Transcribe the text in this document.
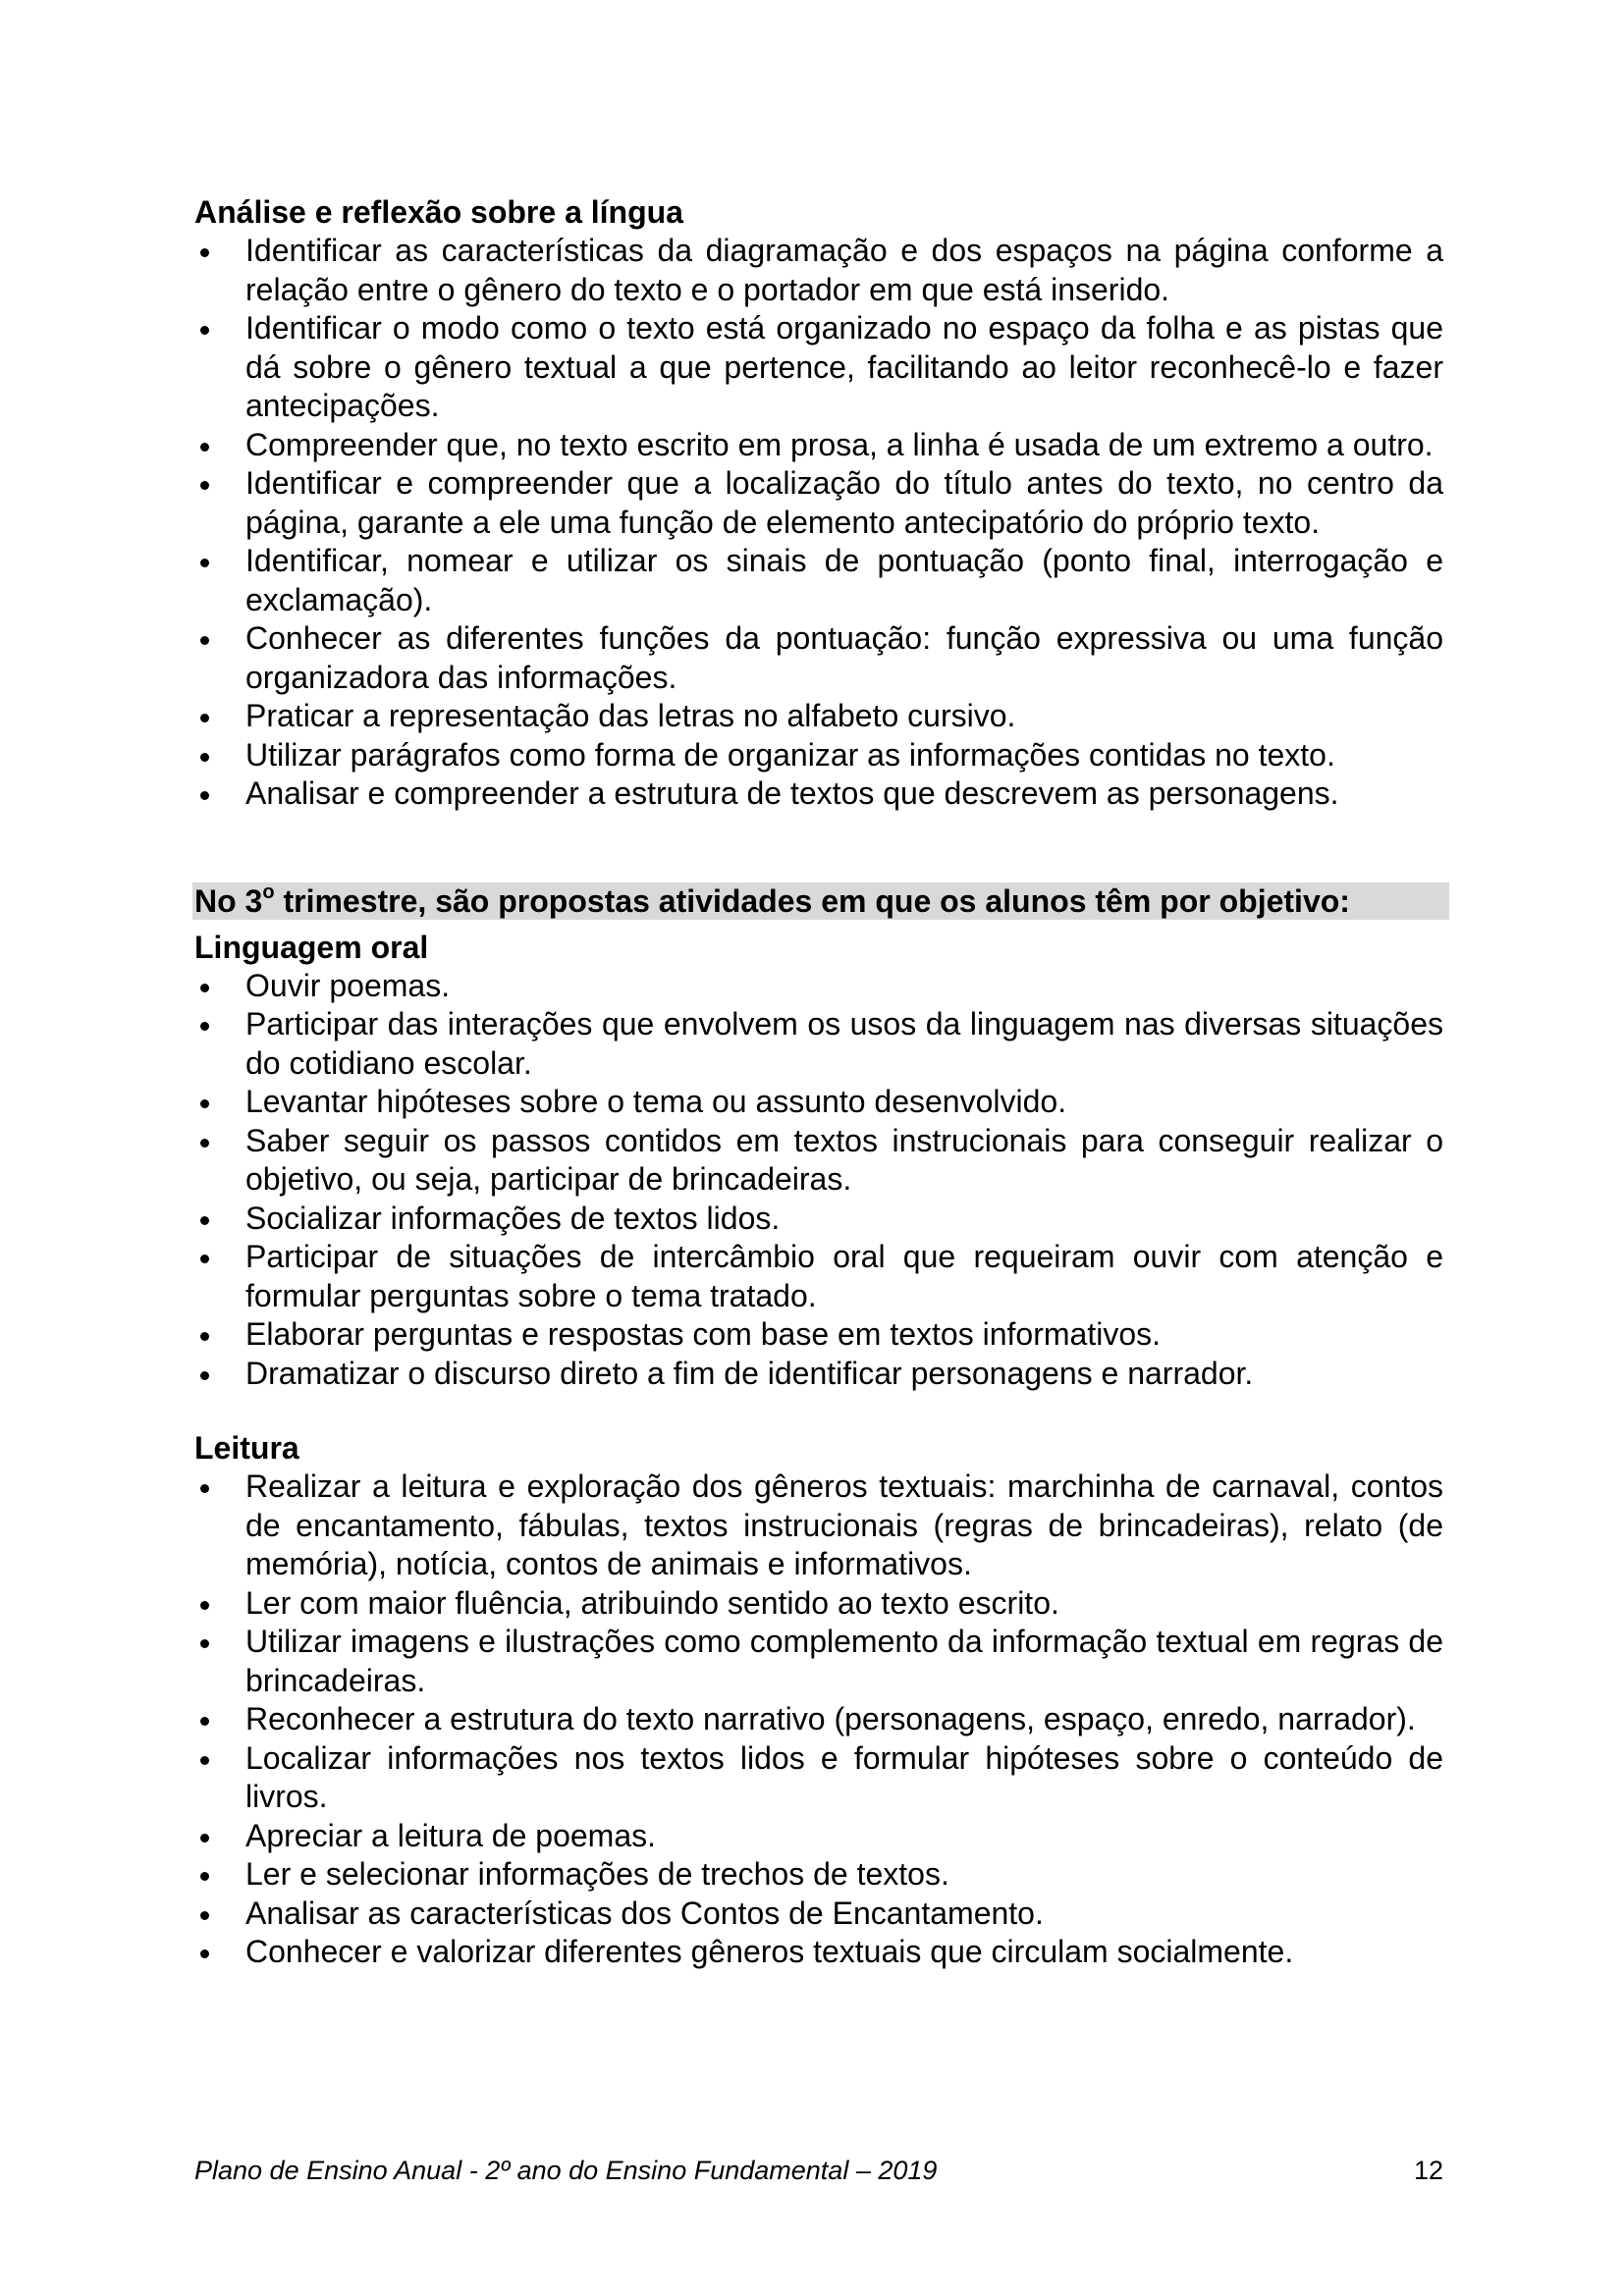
Análise e reflexão sobre a língua
Identificar as características da diagramação e dos espaços na página conforme a relação entre o gênero do texto e o portador em que está inserido.
Identificar o modo como o texto está organizado no espaço da folha e as pistas que dá sobre o gênero textual a que pertence, facilitando ao leitor reconhecê-lo e fazer antecipações.
Compreender que, no texto escrito em prosa, a linha é usada de um extremo a outro.
Identificar e compreender que a localização do título antes do texto, no centro da página, garante a ele uma função de elemento antecipatório do próprio texto.
Identificar, nomear e utilizar os sinais de pontuação (ponto final, interrogação e exclamação).
Conhecer as diferentes funções da pontuação: função expressiva ou uma função organizadora das informações.
Praticar a representação das letras no alfabeto cursivo.
Utilizar parágrafos como forma de organizar as informações contidas no texto.
Analisar e compreender a estrutura de textos que descrevem as personagens.
No 3$^o$ trimestre, são propostas atividades em que os alunos têm por objetivo:
Linguagem oral
Ouvir poemas.
Participar das interações que envolvem os usos da linguagem nas diversas situações do cotidiano escolar.
Levantar hipóteses sobre o tema ou assunto desenvolvido.
Saber seguir os passos contidos em textos instrucionais para conseguir realizar o objetivo, ou seja, participar de brincadeiras.
Socializar informações de textos lidos.
Participar de situações de intercâmbio oral que requeiram ouvir com atenção e formular perguntas sobre o tema tratado.
Elaborar perguntas e respostas com base em textos informativos.
Dramatizar o discurso direto a fim de identificar personagens e narrador.
Leitura
Realizar a leitura e exploração dos gêneros textuais: marchinha de carnaval, contos de encantamento, fábulas, textos instrucionais (regras de brincadeiras), relato (de memória), notícia, contos de animais e informativos.
Ler com maior fluência, atribuindo sentido ao texto escrito.
Utilizar imagens e ilustrações como complemento da informação textual em regras de brincadeiras.
Reconhecer a estrutura do texto narrativo (personagens, espaço, enredo, narrador).
Localizar informações nos textos lidos e formular hipóteses sobre o conteúdo de livros.
Apreciar a leitura de poemas.
Ler e selecionar informações de trechos de textos.
Analisar as características dos Contos de Encantamento.
Conhecer e valorizar diferentes gêneros textuais que circulam socialmente.
Plano de Ensino Anual - 2º ano do Ensino Fundamental – 2019	12
